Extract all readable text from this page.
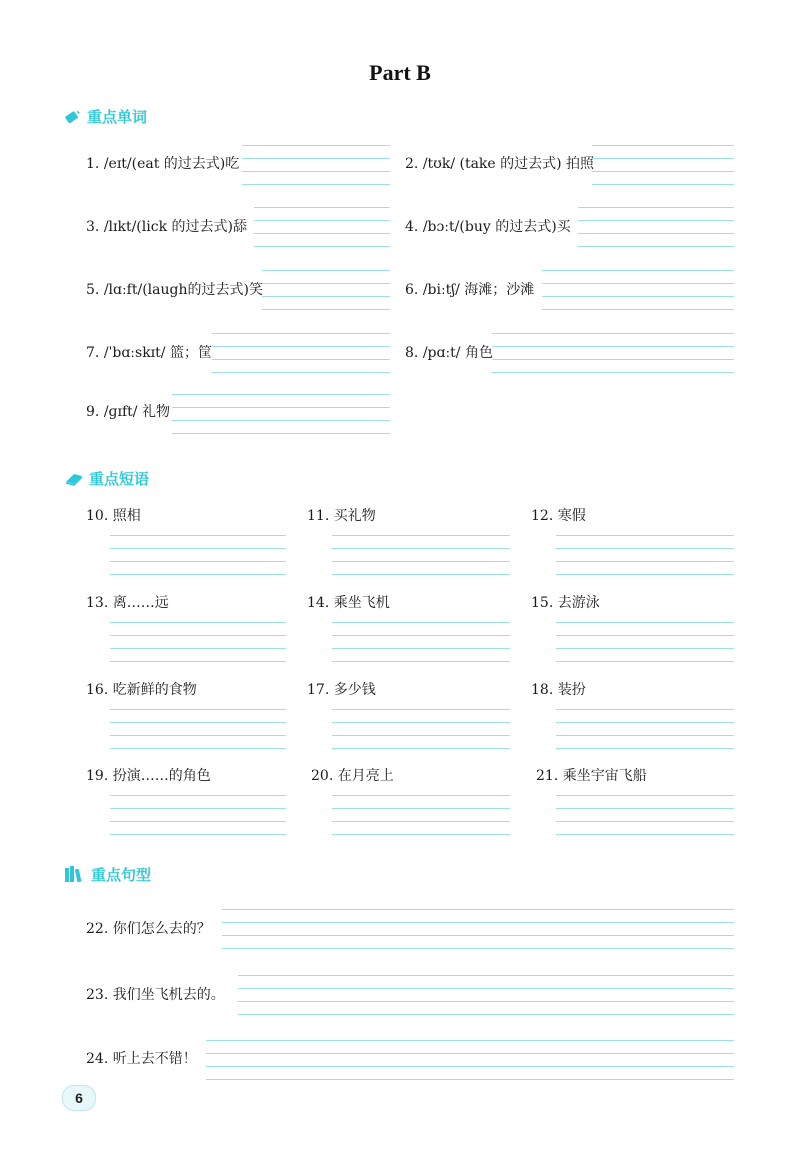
Part B
重点单词
1. /eɪt/(eat 的过去式)吃	2. /tʊk/ (take 的过去式) 拍照
3. /lɪkt/(lick 的过去式)舔	4. /bɔːt/(buy 的过去式)买
5. /lɑːft/(laugh的过去式)笑	6. /biːtʃ/ 海滩；沙滩
7. /ˈbɑːskɪt/ 篮；筐	8. /pɑːt/ 角色
9. /ɡɪft/ 礼物
重点短语
10. 照相	11. 买礼物	12. 寒假
13. 离……远	14. 乘坐飞机	15. 去游泳
16. 吃新鲜的食物	17. 多少钱	18. 装扮
19. 扮演……的角色	20. 在月亮上	21. 乘坐宇宙飞船
重点句型
22. 你们怎么去的？
23. 我们坐飞机去的。
24. 听上去不错！
6
